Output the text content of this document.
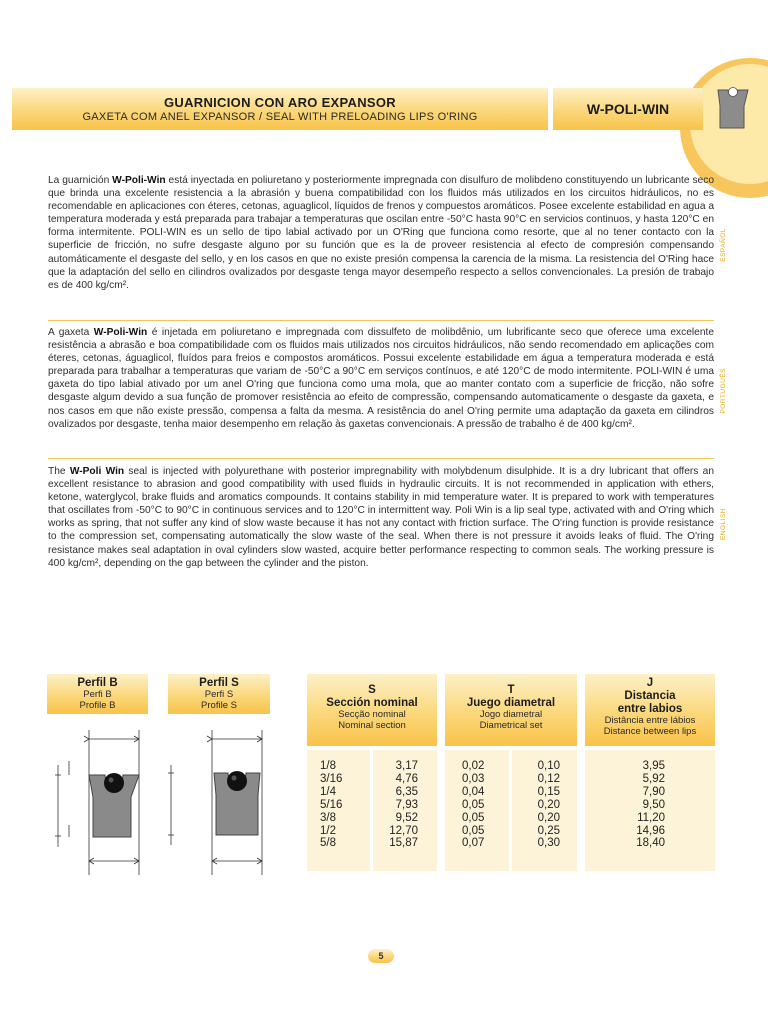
GUARNICION CON ARO EXPANSOR
GAXETA COM ANEL EXPANSOR / SEAL WITH PRELOADING LIPS O'RING	W-POLI-WIN
La guarnición W-Poli-Win está inyectada en poliuretano y posteriormente impregnada con disulfuro de molibdeno constituyendo un lubricante seco que brinda una excelente resistencia a la abrasión y buena compatibilidad con los fluidos más utilizados en los circuitos hidráulicos, no es recomendable en aplicaciones con éteres, cetonas, aguaglicol, líquidos de frenos y compuestos aromáticos. Posee excelente estabilidad en agua a temperatura moderada y está preparada para trabajar a temperaturas que oscilan entre -50°C hasta 90°C en servicios continuos, y hasta 120°C en forma intermitente. POLI-WIN es un sello de tipo labial activado por un O'Ring que funciona como resorte, que al no tener contacto con la superficie de fricción, no sufre desgaste alguno por su función que es la de proveer resistencia al efecto de compresión compensando automáticamente el desgaste del sello, y en los casos en que no existe presión compensa la carencia de la misma. La resistencia del O'Ring hace que la adaptación del sello en cilindros ovalizados por desgaste tenga mayor desempeño respecto a sellos convencionales. La presión de trabajo es de 400 kg/cm².
ESPAÑOL
A gaxeta W-Poli-Win é injetada em poliuretano e impregnada com dissulfeto de molibdênio, um lubrificante seco que oferece uma excelente resistência a abrasão e boa compatibilidade com os fluidos mais utilizados nos circuitos hidráulicos, não sendo recomendado em aplicações com éteres, cetonas, águaglicol, fluídos para freios e compostos aromáticos. Possui excelente estabilidade em água a temperatura moderada e está preparada para trabalhar a temperaturas que variam de -50°C a 90°C em serviços contínuos, e até 120°C de modo intermitente. POLI-WIN é uma gaxeta do tipo labial ativado por um anel O'ring que funciona como uma mola, que ao manter contato com a superficie de fricção, não sofre desgaste algum devido a sua função de promover resistência ao efeito de compressão, compensando automaticamente o desgaste da gaxeta, e nos casos em que não existe pressão, compensa a falta da mesma. A resistência do anel O'ring permite uma adaptação da gaxeta em cilindros ovalizados por desgaste, tenha maior desempenho em relação às gaxetas convencionais. A pressão de trabalho é de 400 kg/cm².
PORTUGUÊS
The W-Poli Win seal is injected with polyurethane with posterior impregnability with molybdenum disulphide. It is a dry lubricant that offers an excellent resistance to abrasion and good compatibility with used fluids in hydraulic circuits. It is not recommended in application with ethers, ketone, waterglycol, brake fluids and aromatics compounds. It contains stability in mid temperature water. It is prepared to work with temperatures that oscillates from -50°C to 90°C in continuous services and to 120°C in intermittent way. Poli Win is a lip seal type, activated with and O'ring which works as spring, that not suffer any kind of slow waste because it has not any contact with friction surface. The O'ring function is provide resistance to the compression set, compensating automatically the slow waste of the seal. When there is not pressure it avoids leaks of fluid. The O'ring resistance makes seal adaptation in oval cylinders slow wasted, acquire better performance respecting to common seals. The working pressure is 400 kg/cm², depending on the gap between the cylinder and the piston.
ENGLISH
Perfil B
Perfi B
Profile B
Perfil S
Perfi S
Profile S
S
Sección nominal
Secção nominal
Nominal section
T
Juego diametral
Jogo diametral
Diametrical set
J
Distancia
entre labios
Distância entre lábios
Distance between lips
1/8
3/16
1/4
5/16
3/8
1/2
5/8
3,17
4,76
6,35
7,93
9,52
12,70
15,87
0,02
0,03
0,04
0,05
0,05
0,05
0,07
0,10
0,12
0,15
0,20
0,20
0,25
0,30
3,95
5,92
7,90
9,50
11,20
14,96
18,40
5
